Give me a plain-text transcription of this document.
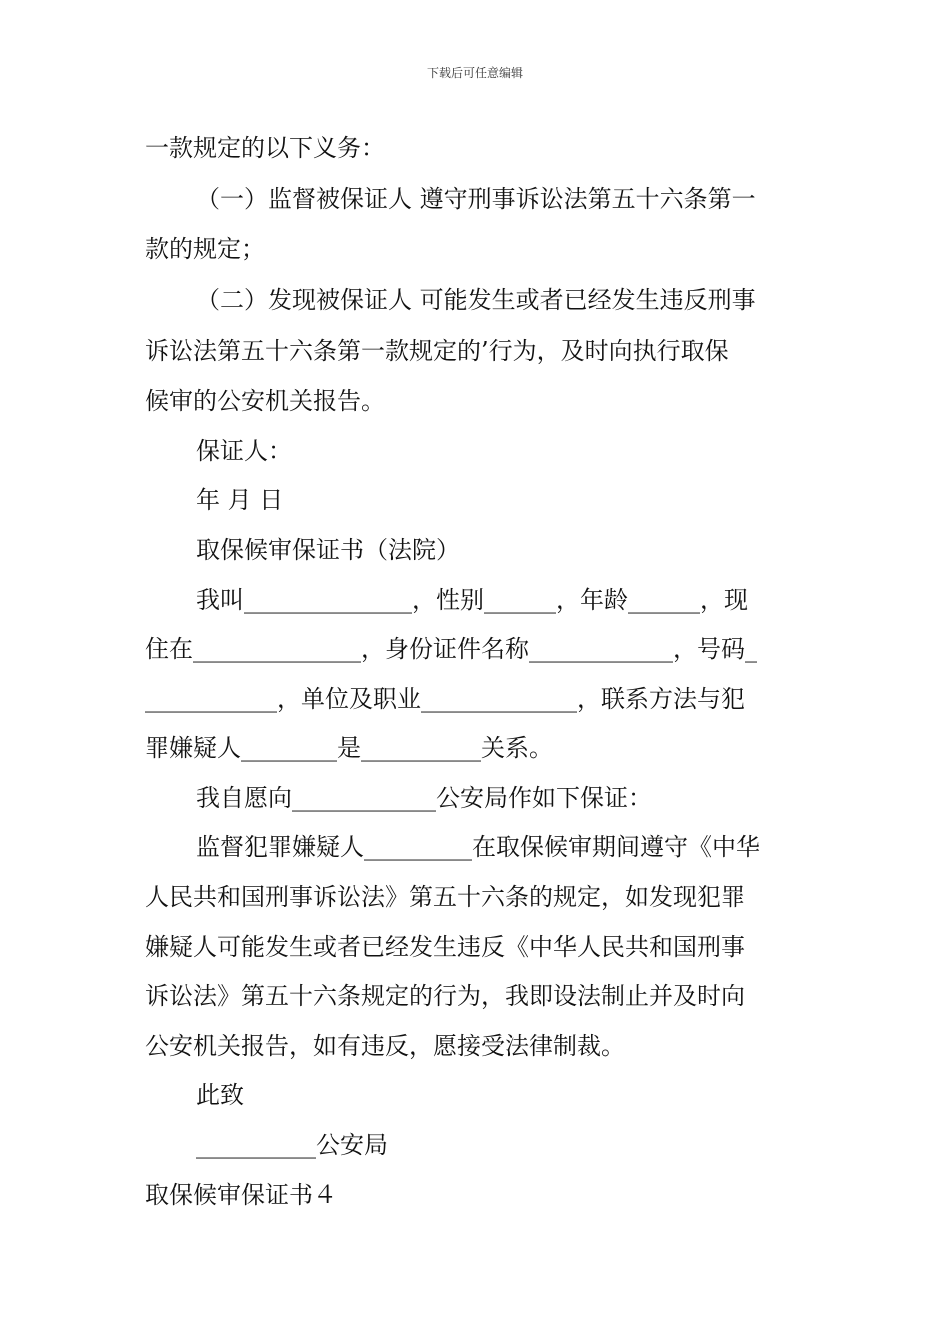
下载后可任意编辑
一款规定的以下义务：
（一）监督被保证人 遵守刑事诉讼法第五十六条第一
款的规定；
（二）发现被保证人 可能发生或者已经发生违反刑事
诉讼法第五十六条第一款规定的’行为，及时向执行取保
候审的公安机关报告。
保证人：
年 月 日
取保候审保证书（法院）
我叫______________，性别______，年龄______，现
住在______________，身份证件名称____________，号码_
___________，单位及职业_____________，联系方法与犯
罪嫌疑人________是__________关系。
我自愿向____________公安局作如下保证：
监督犯罪嫌疑人_________在取保候审期间遵守《中华
人民共和国刑事诉讼法》第五十六条的规定，如发现犯罪
嫌疑人可能发生或者已经发生违反《中华人民共和国刑事
诉讼法》第五十六条规定的行为，我即设法制止并及时向
公安机关报告，如有违反，愿接受法律制裁。
此致
__________公安局
取保候审保证书４
